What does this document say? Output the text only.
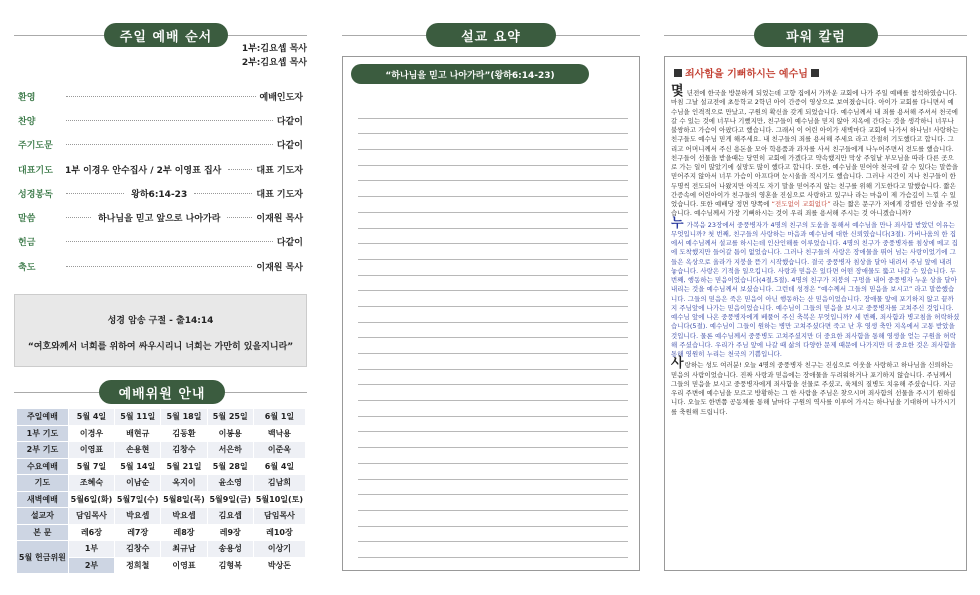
주일 예배 순서
1부:김요셉 목사
2부:김요셉 목사
환영	예배인도자
찬양	다같이
주기도문	다같이
대표기도	1부 이경우 안수집사 / 2부 이영표 집사	대표 기도자
성경봉독	왕하6:14-23	대표 기도자
말씀	하나님을 믿고 앞으로 나아가라	이재원 목사
헌금	다같이
축도	이재원 목사
성경 암송 구절 - 출14:14
“여호와께서 너희를 위하여 싸우시리니 너희는 가만히 있을지니라”
예배위원 안내
주일예배	5월 4일	5월 11일	5월 18일	5월 25일	6월 1일
1부 기도	이경우	배현규	김동환	이봉용	백낙용
2부 기도	이영표	손용현	김창수	서은하	이준욱
수요예배	5월 7일	5월 14일	5월 21일	5월 28일	6월 4일
기도	조혜숙	이남순	옥지이	윤소영	김남희
새벽예배	5월6일(화)	5월7일(수)	5월8일(목)	5월9일(금)	5월10일(토)
설교자	담임목사	박요셉	박요셉	김요셉	담임목사
본 문	레6장	레7장	레8장	레9장	레10장
5월 헌금위원	1부	김창수	최규남	송용성	이상기
	2부	정희철	이영표	김형복	박상돈
설교 요약
“하나님을 믿고 나아가라”(왕하6:14-23)
파워 칼럼
죄사함을 기뻐하시는 예수님

몇 년전에 한국을 방문하게 되었는데 고향 집에서 가까운 교회에 나가 주일 예배를 참석하였습니다. 마침 그날 설교전에 초등학교 2학년 아이 간증이 영상으로 보여졌습니다. 아이가 교회를 다니면서 예수님을 인격적으로 만났고, 구원의 확신을 갖게 되었습니다. 예수님께서 내 죄를 용서해 주셔서 천국에 갈 수 있는 것에 너무나 기뻤지만, 친구들이 예수님을 믿지 않아 지옥에 간다는 것을 생각하니 너무나 불쌍하고 가슴이 아팠다고 했습니다. 그래서 이 어린 아이가 새벽마다 교회에 나가서 하나님! 사랑하는 친구들도 예수님 믿게 해주세요. 내 친구들의 죄를 용서해 주세요 라고 간절히 기도했다고 합니다. 그리고 어머니께서 주신 용돈을 모아 학용품과 과자를 사서 친구들에게 나누어주면서 전도를 했습니다. 친구들이 선물을 받을때는 당연히 교회에 가겠다고 약속했지만 막상 주일날 부모님을 따라 다른 곳으로 가는 일이 많았기에 실망도 많이 했다고 합니다. 또한, 예수님을 믿어야 천국에 갈 수 있다는 말씀을 믿어주지 않아서 너무 가슴이 아프다며 눈시울을 적시기도 했습니다. 그러나 시간이 지나 친구들이 한두명씩 전도되어 나왔지만 아직도 자기 말을 믿어주지 않는 친구를 위해 기도한다고 말했습니다. 짧은 간증속에 어린아이가 친구들의 영혼을 진심으로 사랑하고 있구나 라는 마음이 제 가슴깊이 느낄 수 있었습니다. 또한 예배당 정면 양쪽에 “전도없이 교회없다” 라는 짧은 문구가 저에게 강렬한 인상을 주었습니다. 예수님께서 가장 기뻐하시는 것이 우리 죄를 용서해 주시는 것 아니겠습니까?

누 가복음 23장에서 중풍병자가 4명의 친구의 도움을 통해서 예수님을 만나 죄사함 받았던 이유는 무엇입니까? 첫 번째, 친구들의 사랑하는 마음과 예수님에 대한 신뢰였습니다(3절). 가버나움의 한 집에서 예수님께서 설교를 하시는데 인산인해를 이루었습니다. 4명의 친구가 중풍병자를 침상에 메고 집에 도착했지만 들어갈 틈이 없었습니다. 그러나 친구들의 사랑은 장애물을 뛰어 넘는 사랑이었기에 그들은 옥상으로 올라가 지붕을 뜯기 시작했습니다. 결국 중풍병자 침상을 달아 내려서 주님 앞에 내려 놓습니다. 사랑은 기적을 일으킵니다. 사랑과 믿음은 있다면 어떤 장애물도 뚫고 나갈 수 있습니다. 두 번째, 행동하는 믿음이었습니다(4절,5절). 4명의 친구가 지붕의 구멍을 내어 중풍병자 누운 상을 달아 내리는 것을 예수님께서 보셨습니다. 그런데 성경은 “예수께서 그들의 믿음을 보시고” 라고 말씀했습니다. 그들의 믿음은 죽은 믿음이 아닌 행동하는 산 믿음이었습니다. 장애물 앞에 포기하지 않고 끝까지 주님앞에 나가는 믿음이었습니다. 예수님이 그들의 믿음을 보시고 중풍병자를 고쳐주신 것입니다. 예수님 앞에 나온 중풍병자에게 베풀어 주신 축복은 무엇입니까? 세 번째, 죄사함과 병고침을 허락하셨습니다(5절). 예수님이 그들이 원하는 병만 고쳐주셨다면 죽고 난 후 영생 축안 지옥에서 고통 받았을 것입니다. 물론 예수님께서 중풍병도 고쳐주셨지만 더 중요한 죄사함을 통해 영생을 얻는 구원을 허락해 주셨습니다. 우리가 주님 앞에 나갈 때 삶의 다양한 문제 때문에 나가지만 더 중요한 것은 죄사함을 통해 영원히 누리는 천국의 기쁨입니다.

사랑하는 성도 여러분! 오늘 4명의 중풍병자 친구는 진심으로 이웃을 사랑하고 하나님을 신뢰하는 믿음의 사람이었습니다. 진짜 사랑과 믿음에는 장애물을 두려워하거나 포기하지 않습니다. 주님께서 그들의 믿음을 보시고 중풍병자에게 죄사함을 선물로 주셨고, 육체의 질병도 치유해 주셨습니다. 지금 우리 주변에 예수님을 모르고 방황하는 그 한 사람을 주님은 찾으시며 죄사함의 선물을 주시기 원하십니다. 오늘도 한번쯤 공동체를 통해 날마다 구원의 역사를 이루어 가시는 하나님을 기대하며 나가시기를 축원해 드립니다.
